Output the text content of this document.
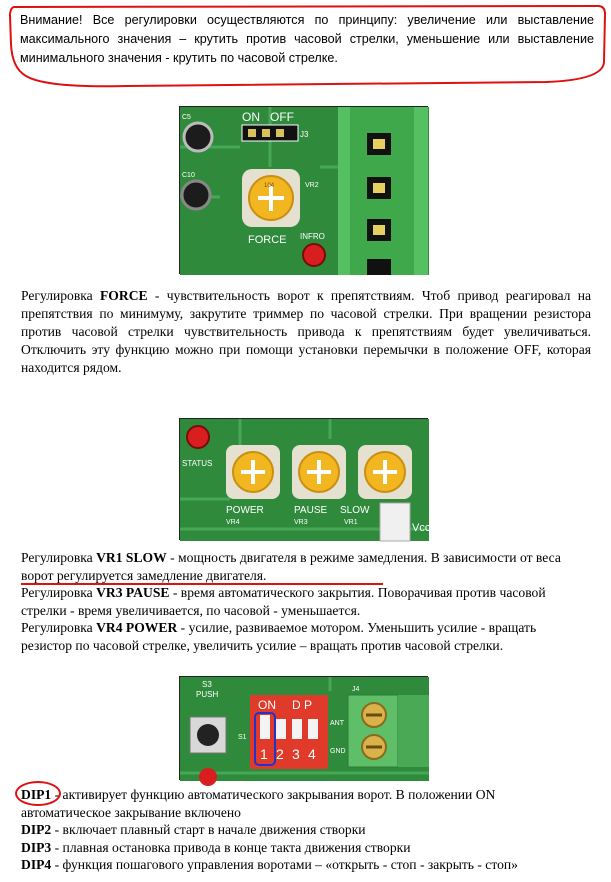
Внимание! Все регулировки осуществляются по принципу: увеличение или выставление максимального значения – крутить против часовой стрелки, уменьшение или выставление минимального значения - крутить по часовой стрелке.
C5
C10
ON OFF
J3
104	VR2
FORCE INFRO
Регулировка FORCE - чувствительность ворот к препятствиям. Чтоб привод реагировал на препятствия по минимуму, закрутите триммер по часовой стрелки. При вращении резистора против часовой стрелки чувствительность привода к препятствиям будет увеличиваться. Отключить эту функцию можно при помощи установки перемычки в положение OFF, которая находится рядом.
STATUS
POWER
VR4
PAUSE
VR3
SLOW
VR1	Vcc
Регулировка VR1 SLOW - мощность двигателя в режиме замедления. В зависимости от веса
ворот регулируется замедление двигателя.
Регулировка VR3 PAUSE - время автоматического закрытия. Поворачивая против часовой
стрелки - время увеличивается, по часовой - уменьшается.
Регулировка VR4 POWER - усилие, развиваемое мотором. Уменьшить усилие - вращать
резистор по часовой стрелке, увеличить усилие – вращать против часовой стрелки.
S3
PUSH
S1
ON D P
1 2 3 4
ANT
GND
J4
DIP1 - активирует функцию автоматического закрывания ворот. В положении ON
автоматическое закрывание включено
DIP2 - включает плавный старт в начале движения створки
DIP3 - плавная остановка привода в конце такта движения створки
DIP4 - функция пошагового управления воротами – «открыть - стоп - закрыть - стоп»
